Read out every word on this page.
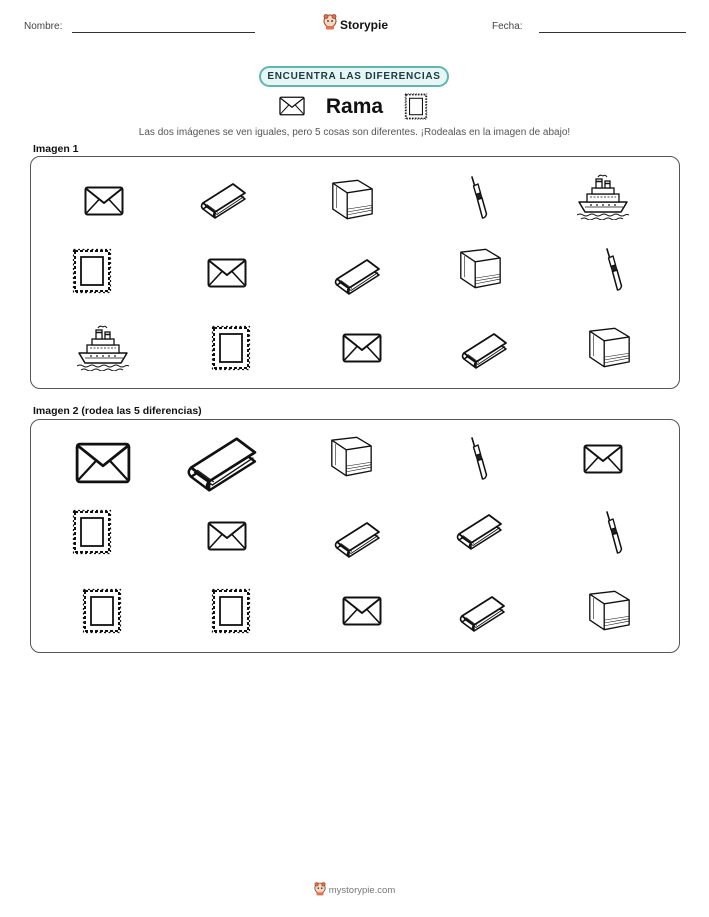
Nombre:	Storypie	Fecha:
ENCUENTRA LAS DIFERENCIAS
Rama
Las dos imágenes se ven iguales, pero 5 cosas son diferentes. ¡Rodealas en la imagen de abajo!
Imagen 1
Imagen 2 (rodea las 5 diferencias)
mystorypie.com
